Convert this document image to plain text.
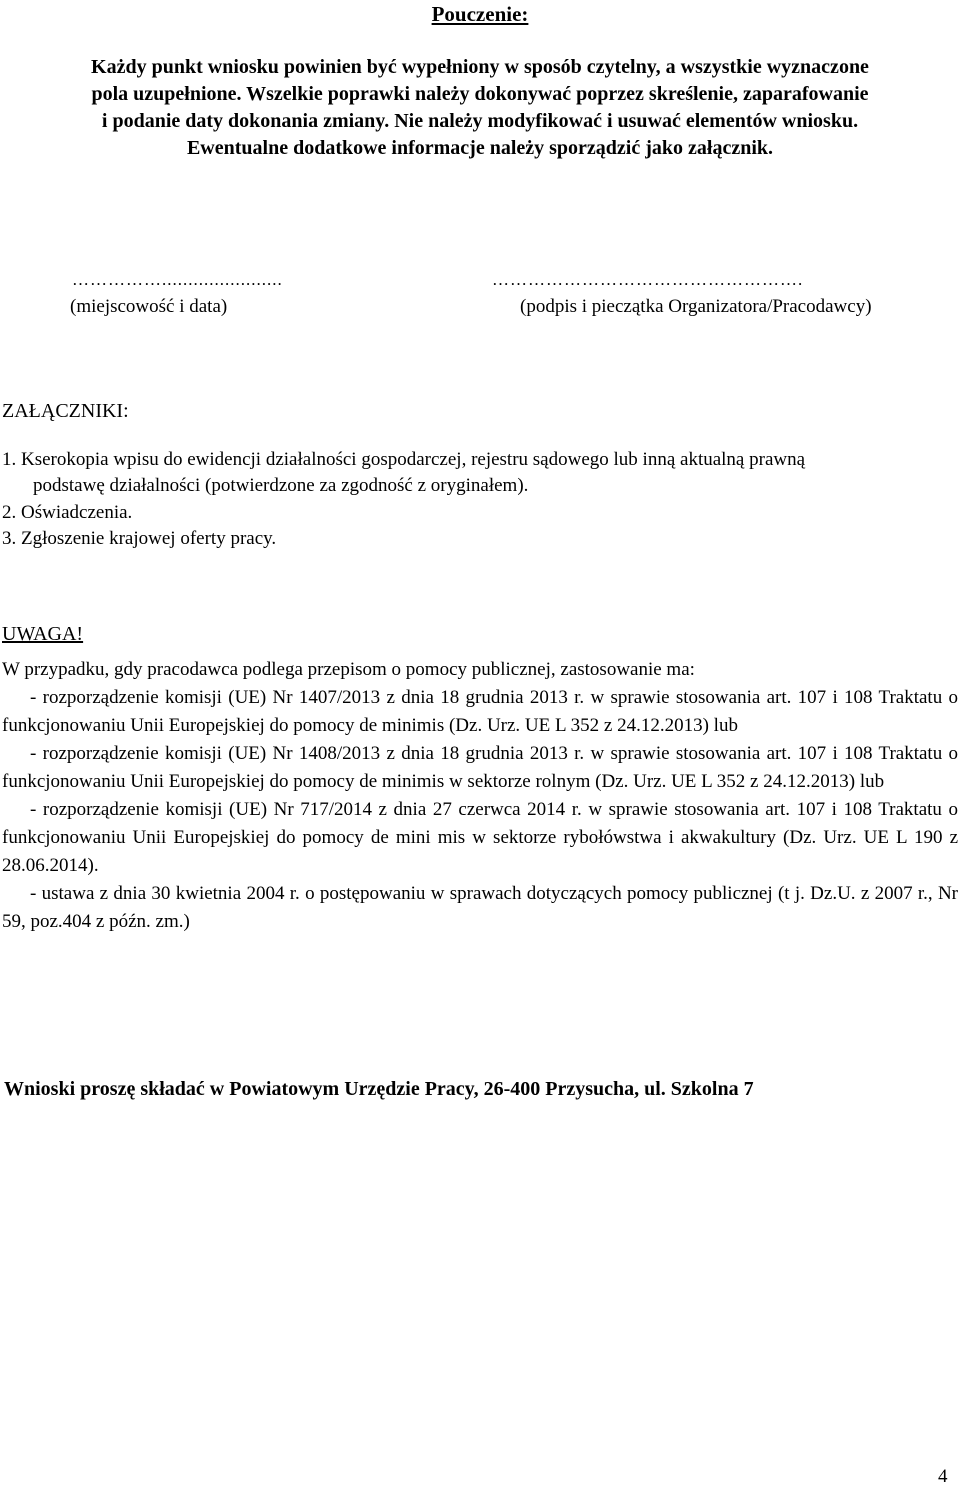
Pouczenie:
Każdy punkt wniosku powinien być wypełniony w sposób czytelny, a wszystkie wyznaczone
pola uzupełnione. Wszelkie poprawki należy dokonywać poprzez skreślenie, zaparafowanie
i podanie daty dokonania zmiany. Nie należy modyfikować i usuwać elementów wniosku.
Ewentualne dodatkowe informacje należy sporządzić jako załącznik.
…………….......................	…………………………………………….
(miejscowość i data)	(podpis i pieczątka Organizatora/Pracodawcy)
ZAŁĄCZNIKI:
1. Kserokopia wpisu do ewidencji działalności gospodarczej, rejestru sądowego lub inną aktualną prawną
podstawę działalności (potwierdzone za zgodność z oryginałem).
2. Oświadczenia.
3. Zgłoszenie krajowej oferty pracy.
UWAGA!

W przypadku, gdy pracodawca podlega przepisom o pomocy publicznej, zastosowanie ma:

- rozporządzenie komisji (UE) Nr 1407/2013 z dnia 18 grudnia 2013 r. w sprawie stosowania art. 107 i 108 Traktatu o funkcjonowaniu Unii Europejskiej do pomocy de minimis (Dz. Urz. UE L 352 z 24.12.2013) lub

- rozporządzenie komisji (UE) Nr 1408/2013 z dnia 18 grudnia 2013 r. w sprawie stosowania art. 107 i 108 Traktatu o funkcjonowaniu Unii Europejskiej do pomocy de minimis w sektorze rolnym (Dz. Urz. UE L 352 z 24.12.2013) lub

- rozporządzenie komisji (UE) Nr 717/2014 z dnia 27 czerwca 2014 r. w sprawie stosowania art. 107 i 108 Traktatu o funkcjonowaniu Unii Europejskiej do pomocy de mini mis w sektorze rybołówstwa i akwakultury (Dz. Urz. UE L 190 z 28.06.2014).

- ustawa z dnia 30 kwietnia 2004 r. o postępowaniu w sprawach dotyczących pomocy publicznej (t j. Dz.U. z 2007 r., Nr 59, poz.404 z późn. zm.)

Wnioski proszę składać w Powiatowym Urzędzie Pracy, 26-400 Przysucha, ul. Szkolna 7
4
